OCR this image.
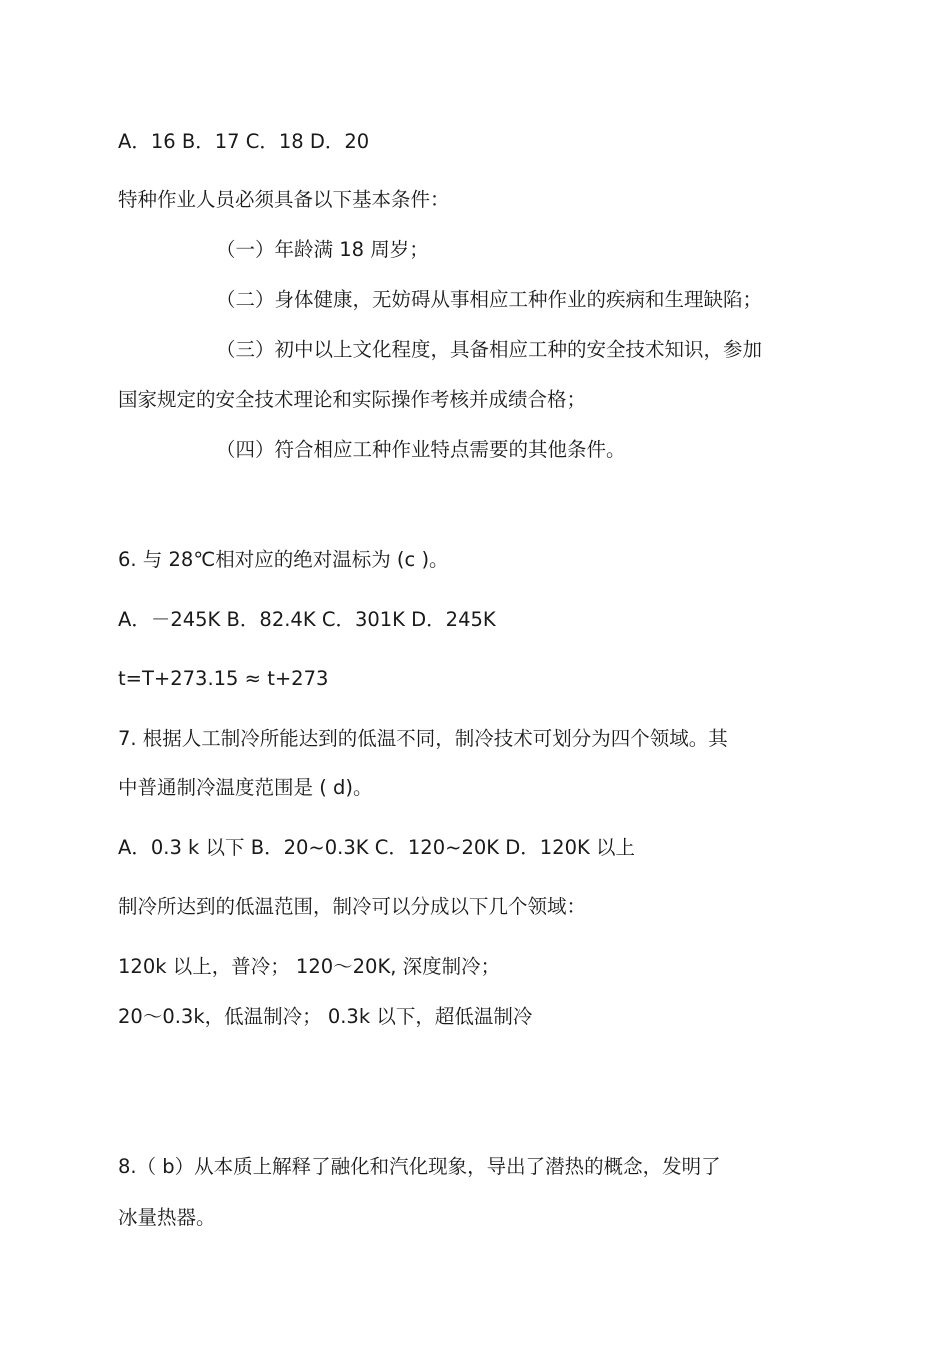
A．16 B．17 C．18 D．20
特种作业人员必须具备以下基本条件：
（一）年龄满 18 周岁；
（二）身体健康，无妨碍从事相应工种作业的疾病和生理缺陷；
（三）初中以上文化程度，具备相应工种的安全技术知识，参加
国家规定的安全技术理论和实际操作考核并成绩合格；
（四）符合相应工种作业特点需要的其他条件。
6. 与 28℃相对应的绝对温标为 (c )。
A．－245K B．82.4K C．301K D．245K
t=T+273.15 ≈ t+273
7. 根据人工制冷所能达到的低温不同，制冷技术可划分为四个领域。其
中普通制冷温度范围是 ( d)。
A．0.3 k 以下 B．20~0.3K C．120~20K D．120K 以上
制冷所达到的低温范围，制冷可以分成以下几个领域：
120k 以上，普冷； 120～20K, 深度制冷；
20～0.3k，低温制冷； 0.3k 以下，超低温制冷
8.（ b）从本质上解释了融化和汽化现象，导出了潜热的概念，发明了
冰量热器。
